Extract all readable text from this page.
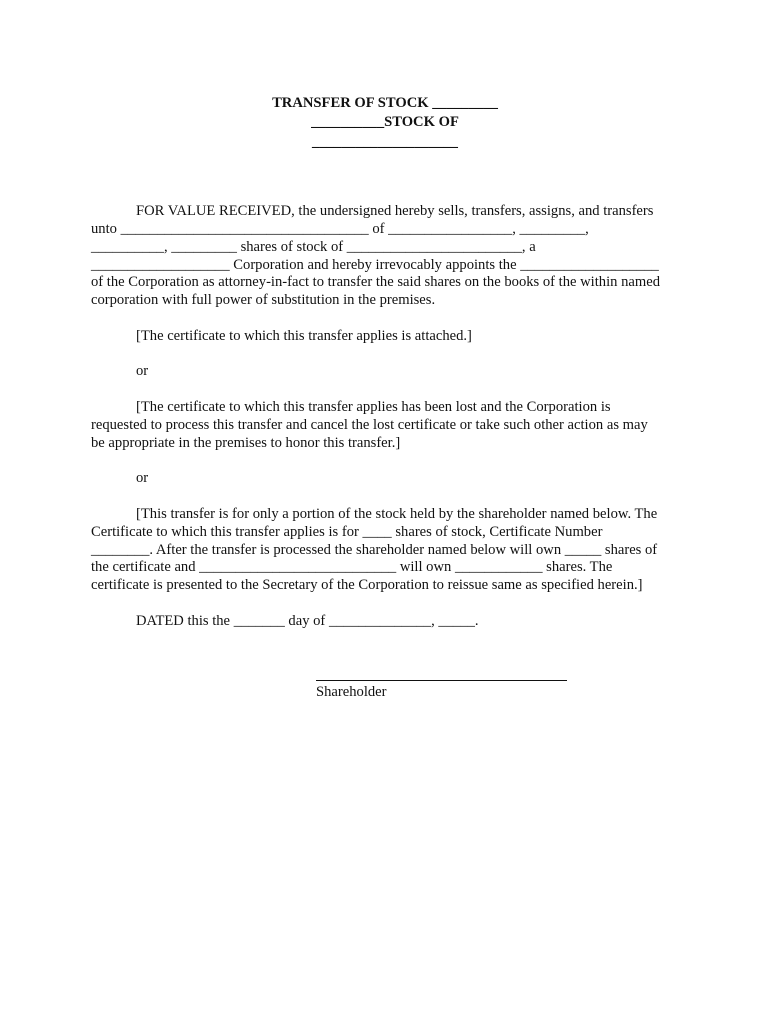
TRANSFER OF STOCK _________

__________STOCK OF

____________________

FOR VALUE RECEIVED, the undersigned hereby sells, transfers, assigns, and transfers

unto __________________________________ of _________________, _________,

__________, _________ shares of stock of ________________________, a

___________________ Corporation and hereby irrevocably appoints the ___________________

of the Corporation as attorney-in-fact to transfer the said shares on the books of the within named

corporation with full power of substitution in the premises.

[The certificate to which this transfer applies is attached.]

or

[The certificate to which this transfer applies has been lost and the Corporation is

requested to process this transfer and cancel the lost certificate or take such other action as may

be appropriate in the premises to honor this transfer.]

or

[This transfer is for only a portion of the stock held by the shareholder named below. The

Certificate to which this transfer applies is for ____ shares of stock, Certificate Number

________. After the transfer is processed the shareholder named below will own _____ shares of

the certificate and ___________________________ will own ____________ shares. The

certificate is presented to the Secretary of the Corporation to reissue same as specified herein.]

DATED this the _______ day of ______________, _____.

Shareholder
